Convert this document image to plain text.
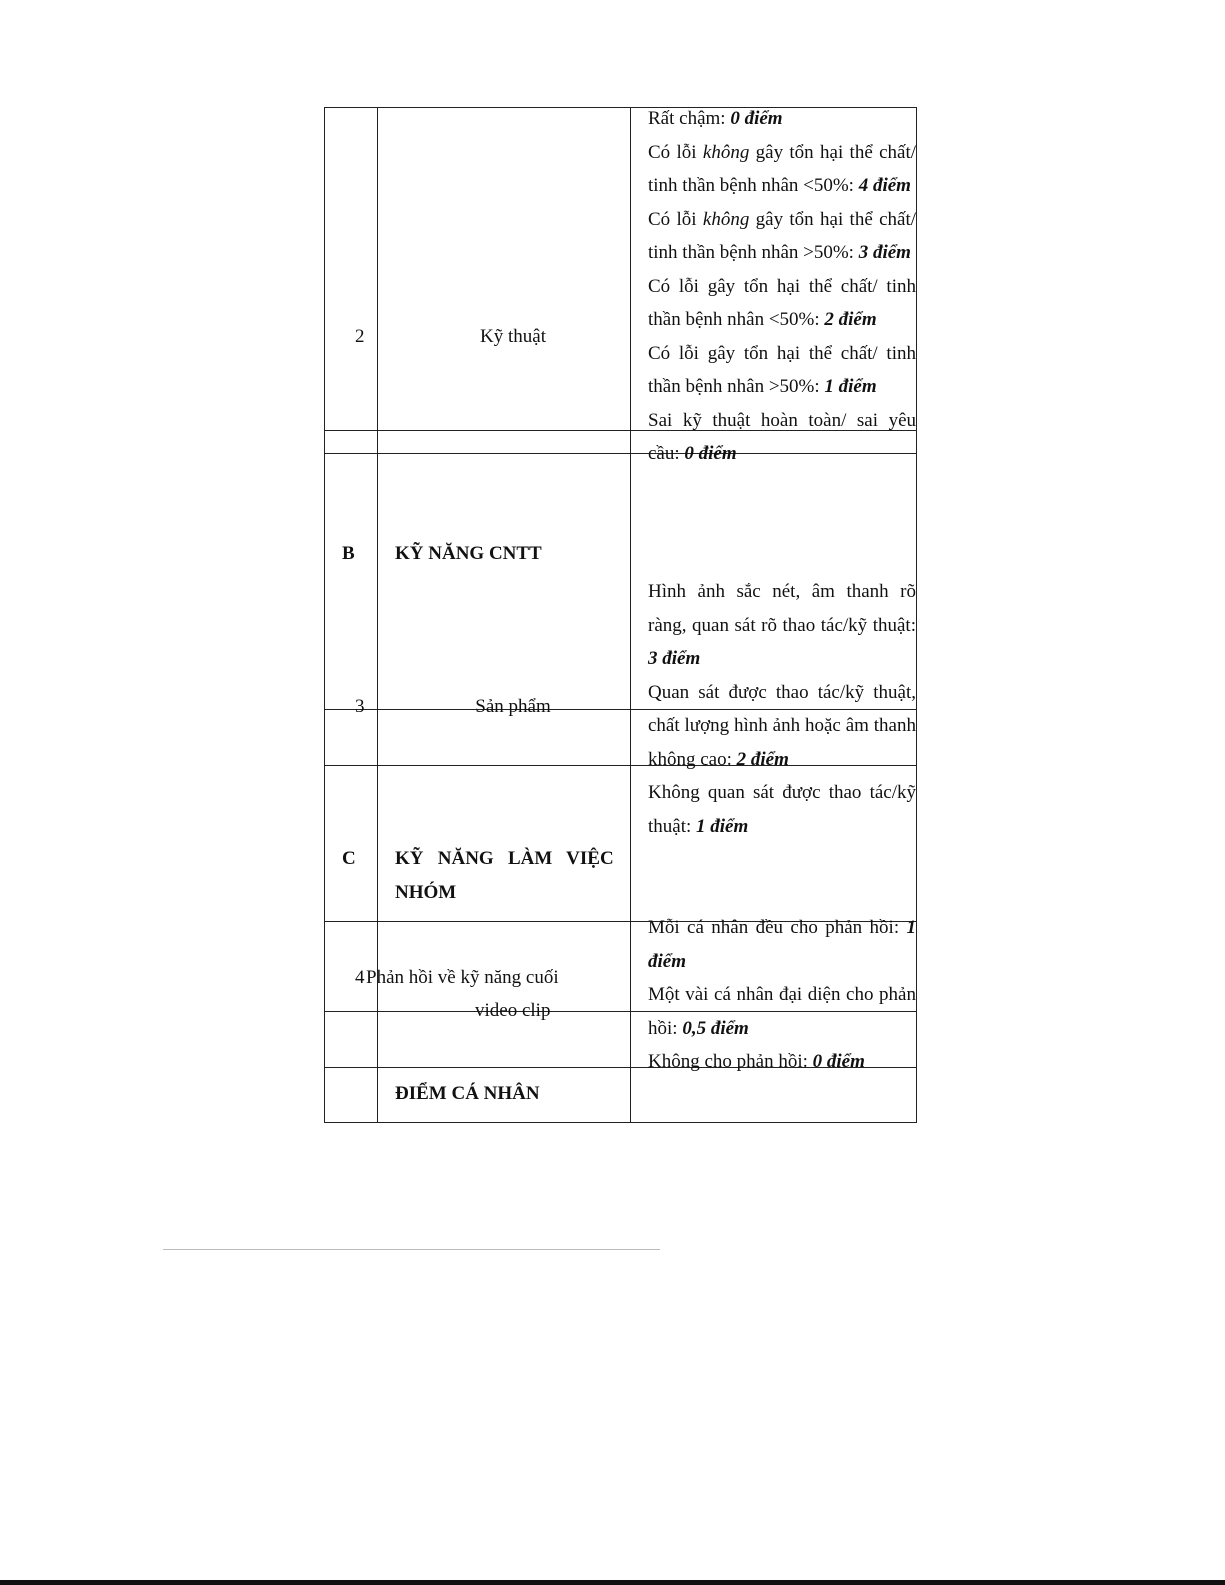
2	Kỹ thuật
B KỸ NĂNG CNTT
3	Sản phẩm
C KỸ   NĂNG   LÀM   VIỆC
NHÓM
4 Phản hồi về kỹ năng cuối
video clip
ĐIỂM CÁ NHÂN

Rất chậm: 0 điểm

Có lỗi không gây tổn hại thể chất/ tinh thần bệnh nhân <50%: 4 điểm

Có lỗi không gây tổn hại thể chất/ tinh thần bệnh nhân >50%: 3 điểm

Có lỗi gây tổn hại thể chất/ tinh thần bệnh nhân <50%: 2 điểm

Có lỗi gây tổn hại thể chất/ tinh thần bệnh nhân >50%: 1 điểm

Sai kỹ thuật hoàn toàn/ sai yêu cầu: 0 điểm

Hình ảnh sắc nét, âm thanh rõ ràng, quan sát rõ thao tác/kỹ thuật: 3 điểm

Quan sát được thao tác/kỹ thuật, chất lượng hình ảnh hoặc âm thanh không cao: 2 điểm

Không quan sát được thao tác/kỹ thuật: 1 điểm

Mỗi cá nhân đều cho phản hồi: 1 điểm

Một vài cá nhân đại diện cho phản hồi: 0,5 điểm

Không cho phản hồi: 0 điểm
